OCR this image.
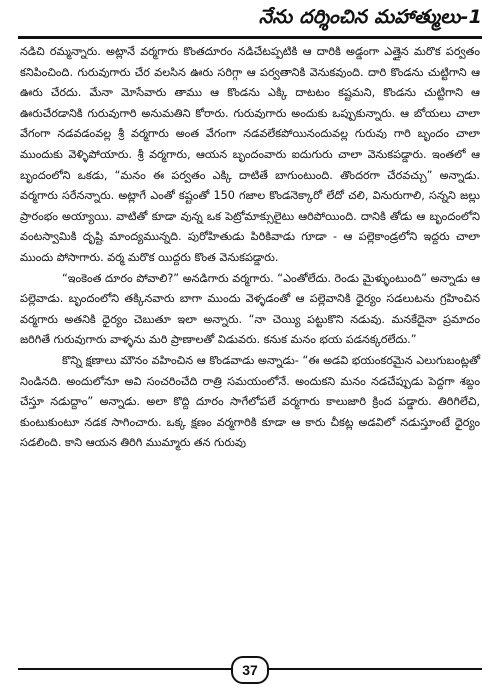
నేను దర్శించిన మహాత్ములు-1

నడిచి రమ్మన్నారు. అట్లానే వర్మగారు కొంతదూరం నడిచేటప్పటికి ఆ దారికి అడ్డంగా ఎత్తైన మరొక పర్వతం కనిపించింది. గురువుగారు చేర వలసిన ఊరు సరిగ్గా ఆ పర్వతానికి వెనుకవుంది. దారి కొండను చుట్టిగాని ఆ ఊరు చేరదు. మేనా మోసేవారు తాము ఆ కొండను ఎక్కి దాటటం కష్టమని, కొండను చుట్టిగాని ఆ ఊరుచేరడానికి గురువుగారి అనుమతిని కోరారు. గురువుగారు అందుకు ఒప్పుకున్నారు. ఆ బోయలు చాలా వేగంగా నడవడంవల్ల శ్రీ వర్మగారు అంత వేగంగా నడవలేకపోయినందువల్ల గురువు గారి బృందం చాలా ముందుకు వెళ్ళిపోయారు. శ్రీ వర్మగారు, ఆయన బృందంవారు ఐదుగురు చాలా వెనుకపడ్డారు. ఇంతలో ఆ బృందంలోని ఒకడు, “మనం ఈ పర్వతం ఎక్కి దాటితే బాగుంటుంది. తొందరగా చేరవచ్చు” అన్నాడు. వర్మగారు సరేనన్నారు. అట్లాగే ఎంతో కష్టంతో 150 గజాల కొండనెక్కారో లేదో చలి, వినురుగాలి, సన్నని జల్లు ప్రారంభం అయ్యాయి. వాటితో కూడా వున్న ఒక పెట్రోమాక్సులైటు ఆరిపోయింది. దానికి తోడు ఆ బృందంలోని వంటస్వామికి దృష్టి మాంద్యమున్నది. పురోహితుడు పిరికివాడు గూడా - ఆ పల్లెకాండ్రలోని ఇద్దరు చాలా ముందు పోసాగారు. వర్మ మరొక యిద్దరు కొంత వెనుకపడ్డారు.

“ఇంకెంత దూరం పోవాలి?” అనడిగారు వర్మగారు. “ఎంతోలేదు. రెండు మైళ్ళుంటుంది” అన్నాడు ఆ పల్లెవాడు. బృందంలోని తక్కినవారు బాగా ముందు వెళ్ళడంతో ఆ పల్లెవానికి ధైర్యం సడలుటను గ్రహించిన వర్మగారు అతనికి ధైర్యం చెబుతూ ఇలా అన్నారు. “నా చెయ్యి పట్టుకొని నడువు. మనకేదైనా ప్రమాదం జరిగితే గురువుగారు వాళ్ళను మరి ప్రాణాలతో విడువరు. కనుక మనం భయ పడనక్కరలేదు.”

కొన్ని క్షణాలు మౌనం వహించిన ఆ కొండవాడు అన్నాడు- “ఈ అడవి భయంకరమైన ఎలుగుబంట్లతో నిండినది. అందులోనూ అవి సంచరించేది రాత్రి సమయంలోనే. అందుకని మనం నడచేప్పుడు పెద్దగా శబ్దం చేస్తూ నడుద్దాం” అన్నాడు. అలా కొద్ది దూరం సాగేలోపలే వర్మగారు కాలుజారి క్రింద పడ్డారు. తిరిగిలేచి, కుంటుకుంటూ నడక సాగించారు. ఒక్క క్షణం వర్మగారికి కూడా ఆ కారు చీకట్ల అడవిలో నడుస్తూంటే ధైర్యం సడలింది. కాని ఆయన తిరిగి ముమ్మారు తన గురువు

37
